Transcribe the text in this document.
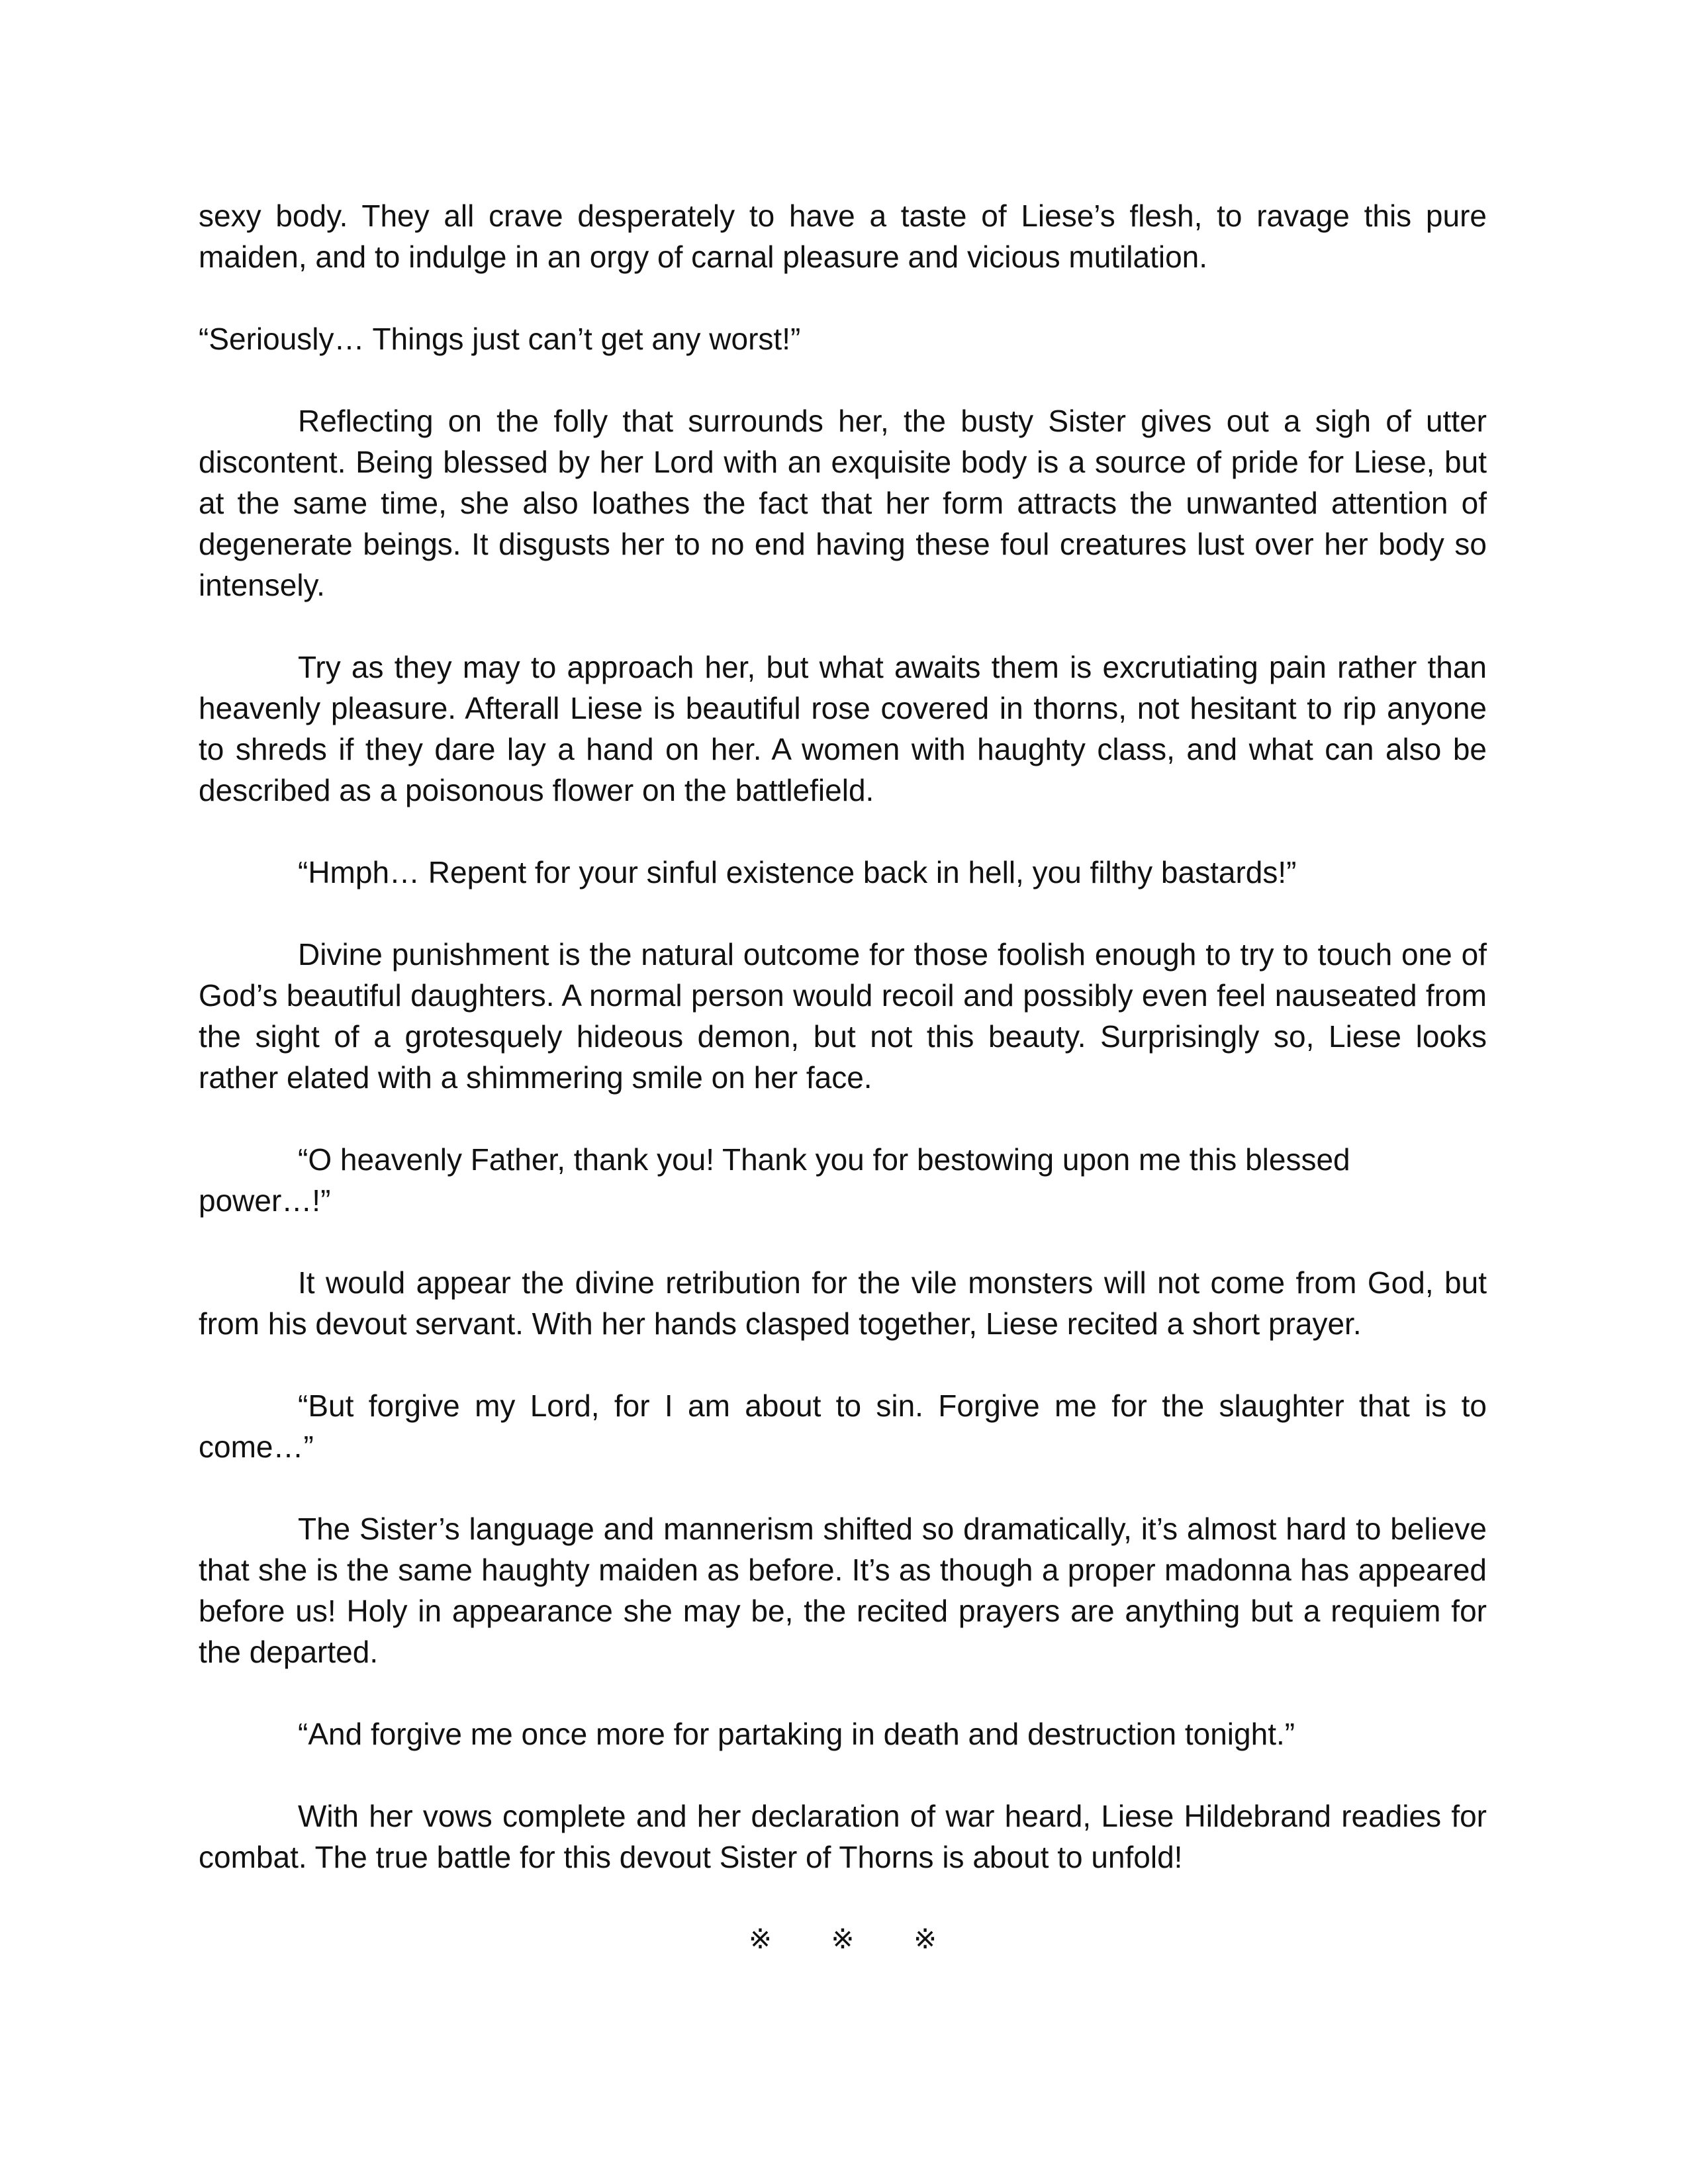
sexy body. They all crave desperately to have a taste of Liese’s flesh, to ravage this pure maiden, and to indulge in an orgy of carnal pleasure and vicious mutilation.

“Seriously… Things just can’t get any worst!”

Reflecting on the folly that surrounds her, the busty Sister gives out a sigh of utter discontent. Being blessed by her Lord with an exquisite body is a source of pride for Liese, but at the same time, she also loathes the fact that her form attracts the unwanted attention of degenerate beings. It disgusts her to no end having these foul creatures lust over her body so intensely.

Try as they may to approach her, but what awaits them is excrutiating pain rather than heavenly pleasure. Afterall Liese is beautiful rose covered in thorns, not hesitant to rip anyone to shreds if they dare lay a hand on her. A women with haughty class, and what can also be described as a poisonous flower on the battlefield.

“Hmph… Repent for your sinful existence back in hell, you filthy bastards!”

Divine punishment is the natural outcome for those foolish enough to try to touch one of God’s beautiful daughters. A normal person would recoil and possibly even feel nauseated from the sight of a grotesquely hideous demon, but not this beauty. Surprisingly so, Liese looks rather elated with a shimmering smile on her face.

“O heavenly Father, thank you! Thank you for bestowing upon me this blessed power…!”

It would appear the divine retribution for the vile monsters will not come from God, but from his devout servant. With her hands clasped together, Liese recited a short prayer.

“But forgive my Lord, for I am about to sin. Forgive me for the slaughter that is to come…”

The Sister’s language and mannerism shifted so dramatically, it’s almost hard to believe that she is the same haughty maiden as before. It’s as though a proper madonna has appeared before us! Holy in appearance she may be, the recited prayers are anything but a requiem for the departed.

“And forgive me once more for partaking in death and destruction tonight.”

With her vows complete and her declaration of war heard, Liese Hildebrand readies for combat. The true battle for this devout Sister of Thorns is about to unfold!

※ ※ ※
